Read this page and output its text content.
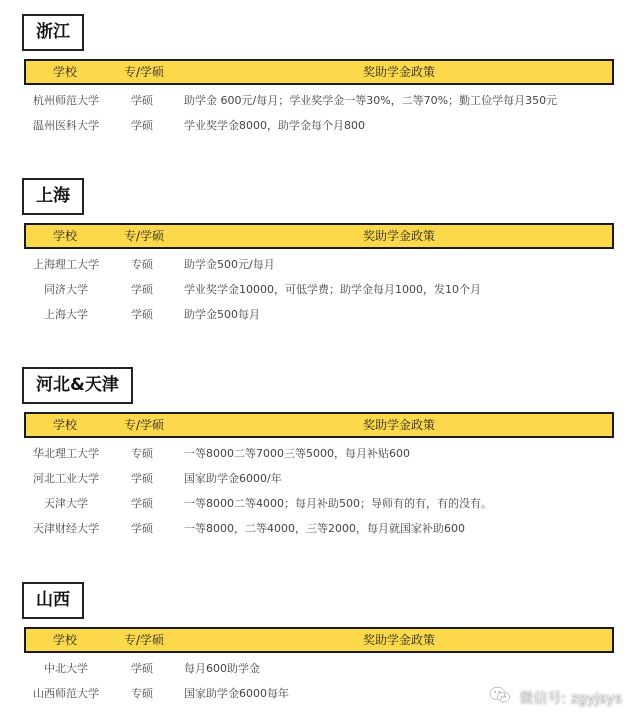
浙江
学校	专/学硕	奖助学金政策
杭州师范大学	学硕	助学金 600元/每月；学业奖学金一等30%，二等70%；勤工俭学每月350元
温州医科大学	学硕	学业奖学金8000，助学金每个月800
上海
学校	专/学硕	奖助学金政策
上海理工大学	专硕	助学金500元/每月
同济大学	学硕	学业奖学金10000，可低学费；助学金每月1000，发10个月
上海大学	学硕	助学金500每月
河北&天津
学校	专/学硕	奖助学金政策
华北理工大学	专硕	一等8000二等7000三等5000，每月补贴600
河北工业大学	学硕	国家助学金6000/年
天津大学	学硕	一等8000二等4000；每月补助500；导师有的有，有的没有。
天津财经大学	学硕	一等8000，二等4000，三等2000，每月就国家补助600
山西
学校	专/学硕	奖助学金政策
中北大学	学硕	每月600助学金
山西师范大学	专硕	国家助学金6000每年	微信号: zgyjsys
